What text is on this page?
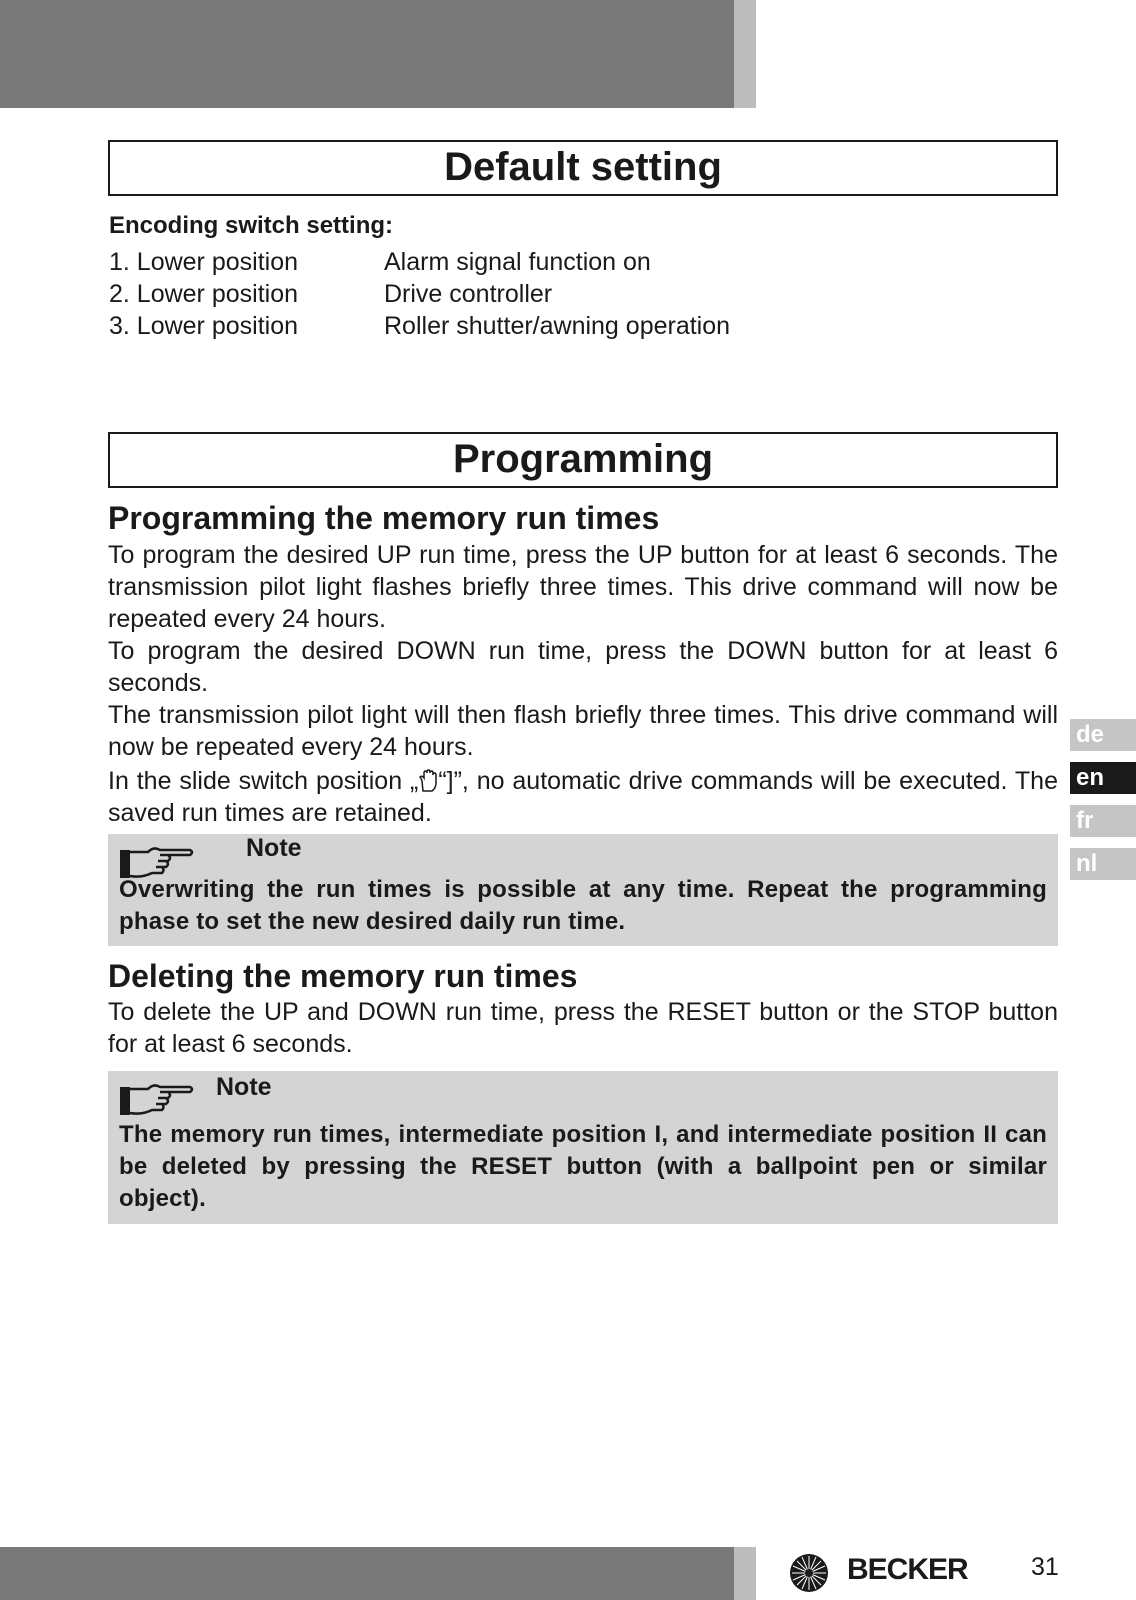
Default setting
Encoding switch setting:
1. Lower position	Alarm signal function on
2. Lower position	Drive controller
3. Lower position	Roller shutter/awning operation
Programming
Programming the memory run times

To program the desired UP run time, press the UP button for at least 6 seconds. The transmission pilot light flashes briefly three times. This drive command will now be repeated every 24 hours.

To program the desired DOWN run time, press the DOWN button for at least 6 seconds.

The transmission pilot light will then flash briefly three times. This drive command will now be repeated every 24 hours.

In the slide switch position „ “]”, no automatic drive commands will be executed. The saved run times are retained.

Note
Overwriting the run times is possible at any time. Repeat the programming phase to set the new desired daily run time.
Deleting the memory run times
To delete the UP and DOWN run time, press the RESET button or the STOP button for at least 6 seconds.
Note
The memory run times, intermediate position I, and intermediate position II can be deleted by pressing the RESET button (with a ballpoint pen or similar object).
de
en
fr
nl
BECKER	31
